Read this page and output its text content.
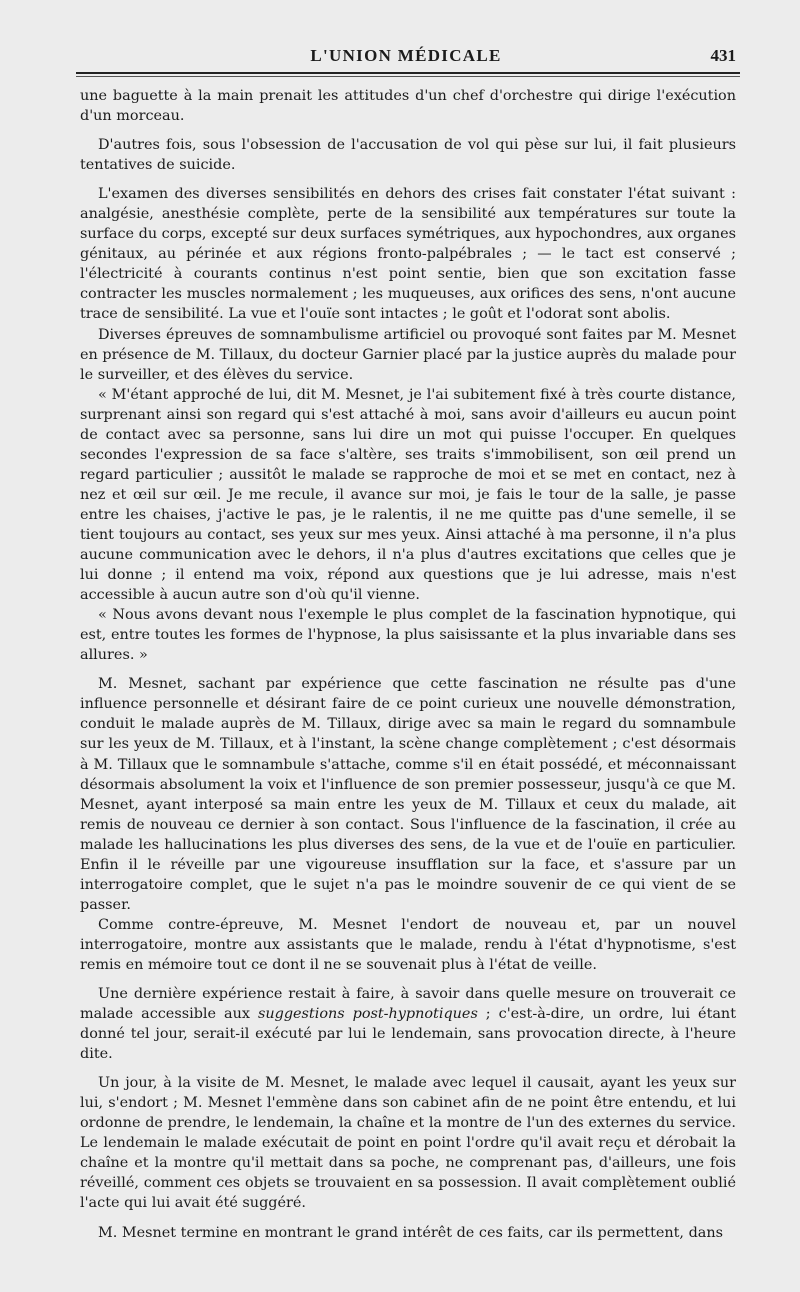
L'UNION MÉDICALE	431

une baguette à la main prenait les attitudes d'un chef d'orchestre qui dirige l'exécution d'un morceau.

D'autres fois, sous l'obsession de l'accusation de vol qui pèse sur lui, il fait plusieurs tentatives de suicide.

L'examen des diverses sensibilités en dehors des crises fait constater l'état suivant : analgésie, anesthésie complète, perte de la sensibilité aux températures sur toute la surface du corps, excepté sur deux surfaces symétriques, aux hypochondres, aux organes génitaux, au périnée et aux régions fronto-palpébrales ; — le tact est conservé ; l'électricité à courants continus n'est point sentie, bien que son excitation fasse contracter les muscles normalement ; les muqueuses, aux orifices des sens, n'ont aucune trace de sensibilité. La vue et l'ouïe sont intactes ; le goût et l'odorat sont abolis.

Diverses épreuves de somnambulisme artificiel ou provoqué sont faites par M. Mesnet en présence de M. Tillaux, du docteur Garnier placé par la justice auprès du malade pour le surveiller, et des élèves du service.

« M'étant approché de lui, dit M. Mesnet, je l'ai subitement fixé à très courte distance, surprenant ainsi son regard qui s'est attaché à moi, sans avoir d'ailleurs eu aucun point de contact avec sa personne, sans lui dire un mot qui puisse l'occuper. En quelques secondes l'expression de sa face s'altère, ses traits s'immobilisent, son œil prend un regard particulier ; aussitôt le malade se rapproche de moi et se met en contact, nez à nez et œil sur œil. Je me recule, il avance sur moi, je fais le tour de la salle, je passe entre les chaises, j'active le pas, je le ralentis, il ne me quitte pas d'une semelle, il se tient toujours au contact, ses yeux sur mes yeux. Ainsi attaché à ma personne, il n'a plus aucune communication avec le dehors, il n'a plus d'autres excitations que celles que je lui donne ; il entend ma voix, répond aux questions que je lui adresse, mais n'est accessible à aucun autre son d'où qu'il vienne.

« Nous avons devant nous l'exemple le plus complet de la fascination hypnotique, qui est, entre toutes les formes de l'hypnose, la plus saisissante et la plus invariable dans ses allures. »

M. Mesnet, sachant par expérience que cette fascination ne résulte pas d'une influence personnelle et désirant faire de ce point curieux une nouvelle démonstration, conduit le malade auprès de M. Tillaux, dirige avec sa main le regard du somnambule sur les yeux de M. Tillaux, et à l'instant, la scène change complètement ; c'est désormais à M. Tillaux que le somnambule s'attache, comme s'il en était possédé, et méconnaissant désormais absolument la voix et l'influence de son premier possesseur, jusqu'à ce que M. Mesnet, ayant interposé sa main entre les yeux de M. Tillaux et ceux du malade, ait remis de nouveau ce dernier à son contact. Sous l'influence de la fascination, il crée au malade les hallucinations les plus diverses des sens, de la vue et de l'ouïe en particulier. Enfin il le réveille par une vigoureuse insufflation sur la face, et s'assure par un interrogatoire complet, que le sujet n'a pas le moindre souvenir de ce qui vient de se passer.

Comme contre-épreuve, M. Mesnet l'endort de nouveau et, par un nouvel interrogatoire, montre aux assistants que le malade, rendu à l'état d'hypnotisme, s'est remis en mémoire tout ce dont il ne se souvenait plus à l'état de veille.

Une dernière expérience restait à faire, à savoir dans quelle mesure on trouverait ce malade accessible aux suggestions post-hypnotiques ; c'est-à-dire, un ordre, lui étant donné tel jour, serait-il exécuté par lui le lendemain, sans provocation directe, à l'heure dite.

Un jour, à la visite de M. Mesnet, le malade avec lequel il causait, ayant les yeux sur lui, s'endort ; M. Mesnet l'emmène dans son cabinet afin de ne point être entendu, et lui ordonne de prendre, le lendemain, la chaîne et la montre de l'un des externes du service. Le lendemain le malade exécutait de point en point l'ordre qu'il avait reçu et dérobait la chaîne et la montre qu'il mettait dans sa poche, ne comprenant pas, d'ailleurs, une fois réveillé, comment ces objets se trouvaient en sa possession. Il avait complètement oublié l'acte qui lui avait été suggéré.

M. Mesnet termine en montrant le grand intérêt de ces faits, car ils permettent, dans
